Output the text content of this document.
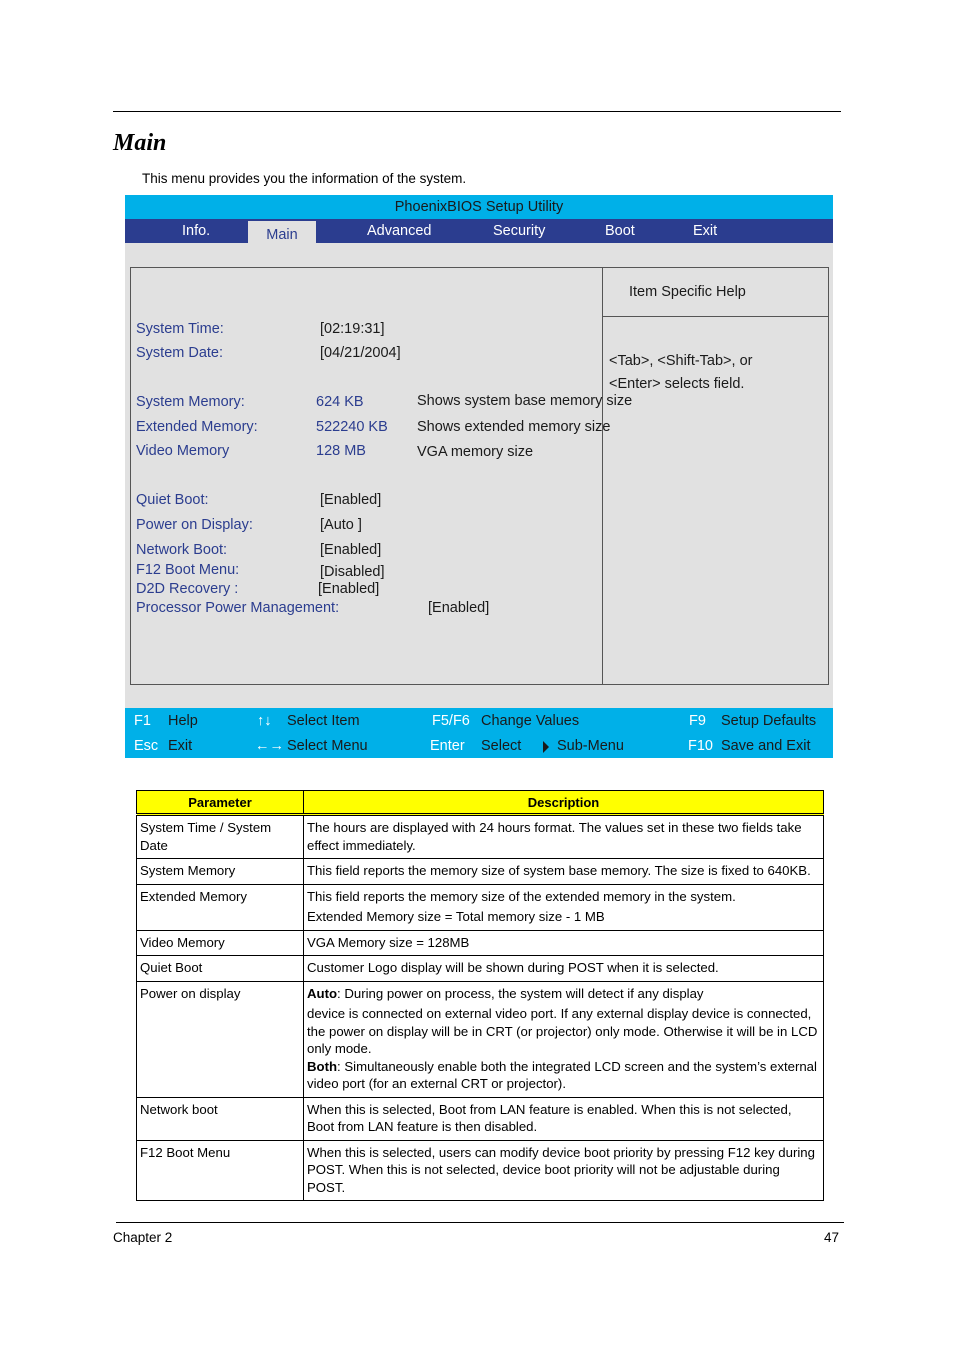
Main
This menu provides you the information of the system.
PhoenixBIOS Setup Utility
Info.	Main	Advanced	Security	Boot	Exit
Item Specific Help
<Tab>, <Shift-Tab>, or
<Enter> selects field.
System Time:	[02:19:31]
System Date:	[04/21/2004]
System Memory:	624 KB	Shows system base memory size
Extended Memory:	522240 KB Shows extended memory size
Video Memory	128 MB	VGA memory size
Quiet Boot:	[Enabled]
Power on Display:	[Auto ]
Network Boot:	[Enabled]
F12 Boot Menu:	[Disabled]
D2D Recovery :	[Enabled]
Processor Power Management:	[Enabled]
F1 Help	↑↓ Select Item	F5/F6 Change Values	F9 Setup Defaults
Esc Exit	←→ Select Menu	Enter Select Sub-Menu	F10 Save and Exit
Parameter	Description
System Time / System Date	The hours are displayed with 24 hours format. The values set in these two fields take effect immediately.
System Memory	This field reports the memory size of system base memory. The size is fixed to 640KB.
Extended Memory	This field reports the memory size of the extended memory in the system.
Extended Memory size = Total memory size - 1 MB

Video Memory	VGA Memory size = 128MB
Quiet Boot	Customer Logo display will be shown during POST when it is selected.
Power on display	Auto: During power on process, the system will detect if any display
device is connected on external video port. If any external display device is connected, the power on display will be in CRT (or projector) only mode. Otherwise it will be in LCD only mode.
Both: Simultaneously enable both the integrated LCD screen and the system’s external video port (for an external CRT or projector).

Network boot	When this is selected, Boot from LAN feature is enabled. When this is not selected, Boot from LAN feature is then disabled.
F12 Boot Menu	When this is selected, users can modify device boot priority by pressing F12 key during POST. When this is not selected, device boot priority will not be adjustable during POST.
Chapter 2	47
